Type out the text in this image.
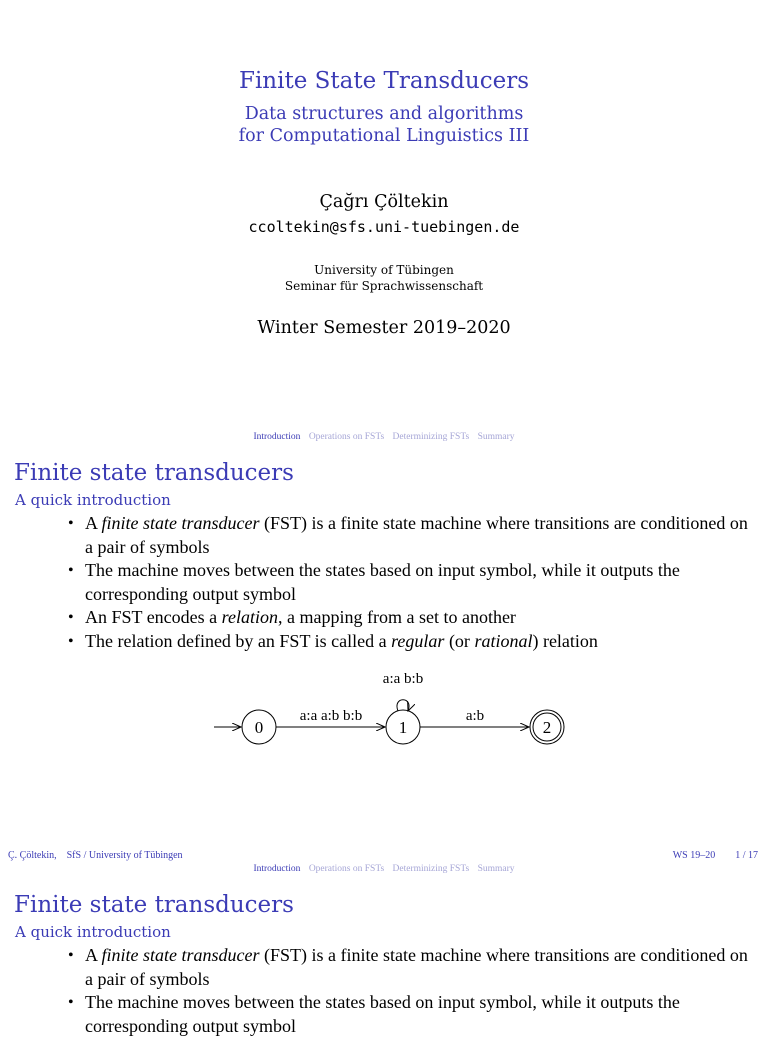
Finite State Transducers
Data structures and algorithms
for Computational Linguistics III
Çağrı Çöltekin
ccoltekin@sfs.uni-tuebingen.de
University of Tübingen
Seminar für Sprachwissenschaft
Winter Semester 2019–2020
Introduction Operations on FSTs Determinizing FSTs Summary
Finite state transducers
A quick introduction
• A finite state transducer (FST) is a finite state machine where transitions are conditioned on a pair of symbols
• The machine moves between the states based on input symbol, while it outputs the corresponding output symbol
• An FST encodes a relation, a mapping from a set to another
• The relation defined by an FST is called a regular (or rational) relation
0
a:a a:b b:b
1
a:a b:b
a:b
2
Ç. Çöltekin, SfS / University of Tübingen	WS 19–20 1 / 17
Introduction Operations on FSTs Determinizing FSTs Summary
Finite state transducers
A quick introduction
• A finite state transducer (FST) is a finite state machine where transitions are conditioned on a pair of symbols
• The machine moves between the states based on input symbol, while it outputs the corresponding output symbol
